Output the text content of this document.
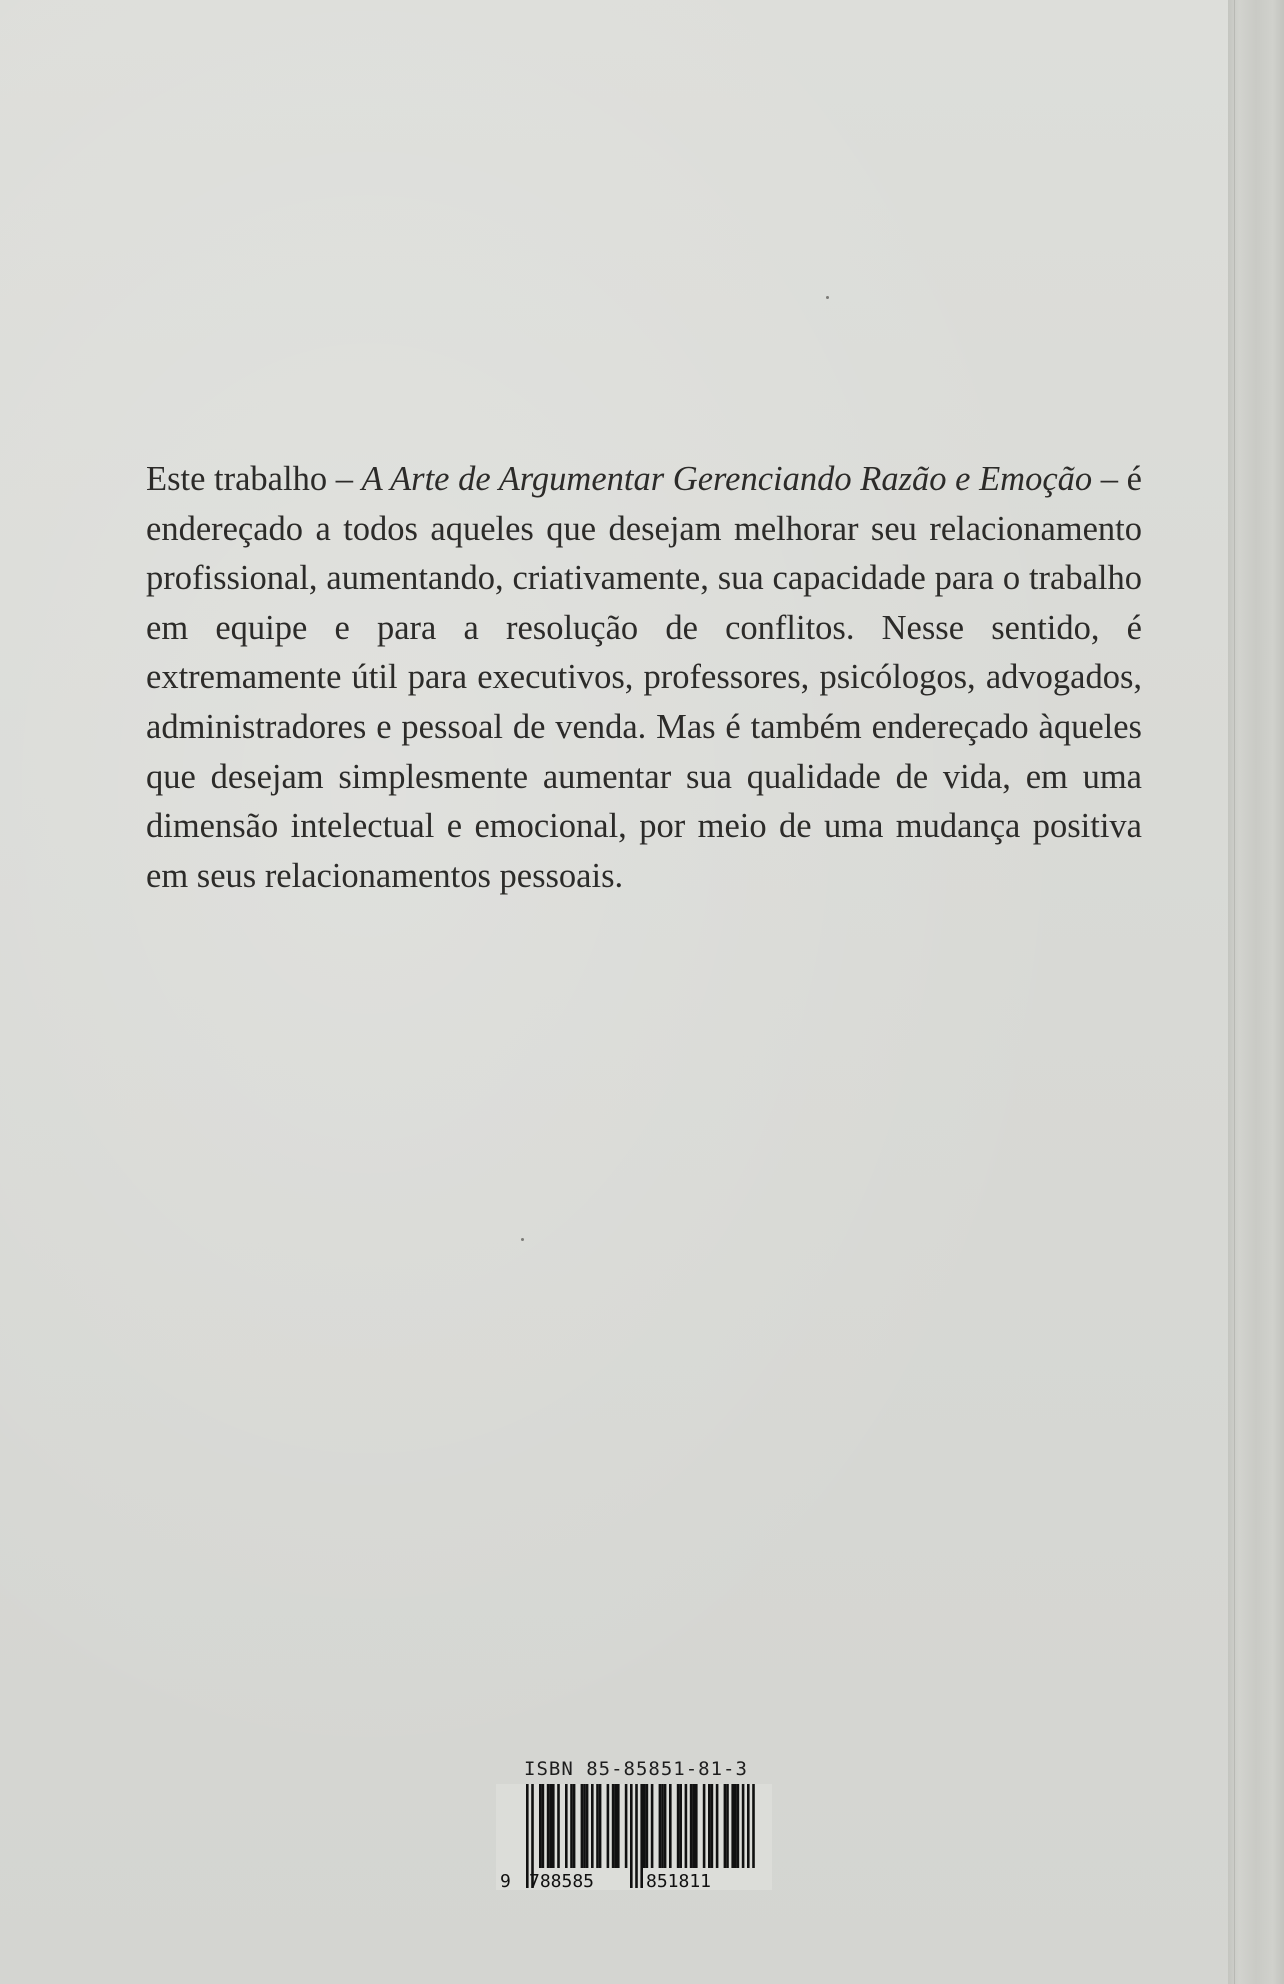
Este trabalho – A Arte de Argumentar Gerenciando Razão e Emoção – é endereçado a todos aqueles que desejam melhorar seu relacionamento profissional, aumentando, criativamente, sua capacidade para o trabalho em equipe e para a resolução de conflitos. Nesse sentido, é extremamente útil para executivos, professores, psicólogos, advogados, administradores e pessoal de venda. Mas é também endereçado àqueles que desejam simplesmente aumentar sua qualidade de vida, em uma dimensão intelectual e emocional, por meio de uma mudança positiva em seus relacionamentos pessoais.

ISBN 85-85851-81-3
9 788585	851811
